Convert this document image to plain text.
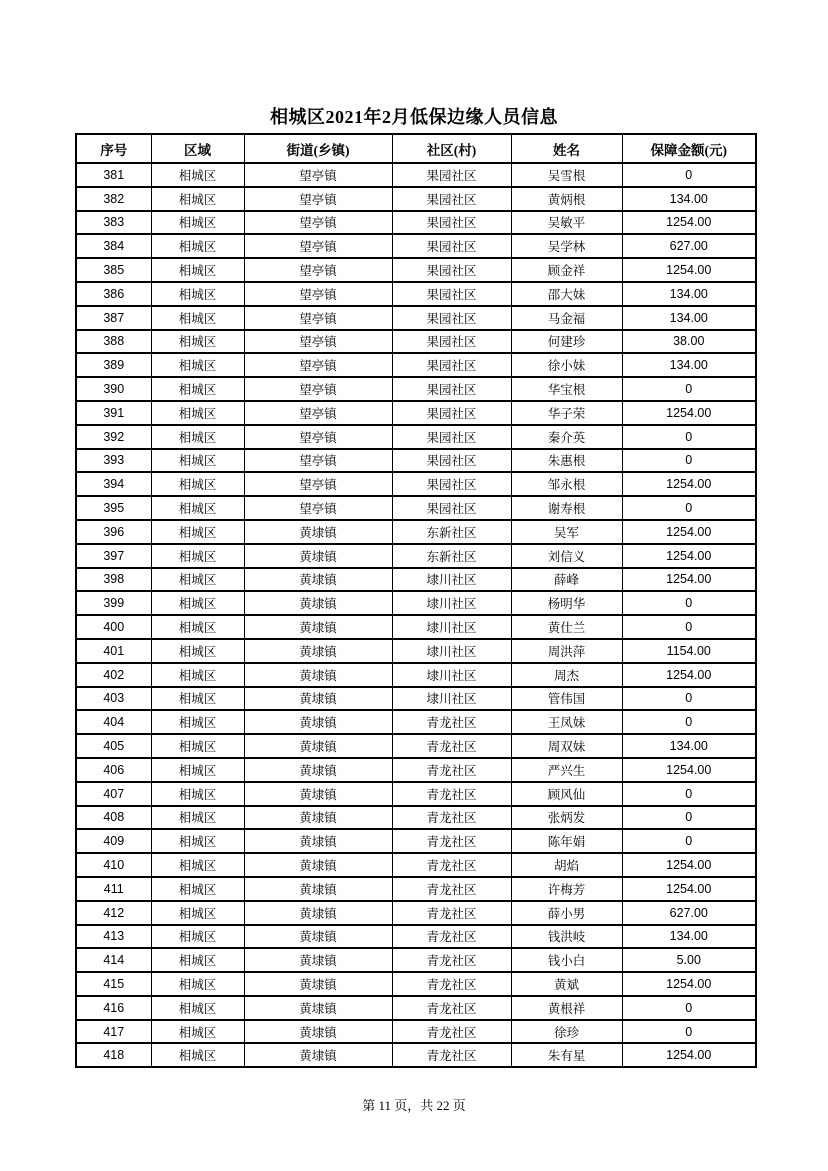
相城区2021年2月低保边缘人员信息
序号	区域	街道(乡镇)	社区(村)	姓名	保障金额(元)
381	相城区	望亭镇	果园社区	吴雪根	0
382	相城区	望亭镇	果园社区	黄炳根	134.00
383	相城区	望亭镇	果园社区	吴敏平	1254.00
384	相城区	望亭镇	果园社区	吴学林	627.00
385	相城区	望亭镇	果园社区	顾金祥	1254.00
386	相城区	望亭镇	果园社区	邵大妹	134.00
387	相城区	望亭镇	果园社区	马金福	134.00
388	相城区	望亭镇	果园社区	何建珍	38.00
389	相城区	望亭镇	果园社区	徐小妹	134.00
390	相城区	望亭镇	果园社区	华宝根	0
391	相城区	望亭镇	果园社区	华子荣	1254.00
392	相城区	望亭镇	果园社区	秦介英	0
393	相城区	望亭镇	果园社区	朱惠根	0
394	相城区	望亭镇	果园社区	邹永根	1254.00
395	相城区	望亭镇	果园社区	谢寿根	0
396	相城区	黄埭镇	东新社区	吴军	1254.00
397	相城区	黄埭镇	东新社区	刘信义	1254.00
398	相城区	黄埭镇	埭川社区	薛峰	1254.00
399	相城区	黄埭镇	埭川社区	杨明华	0
400	相城区	黄埭镇	埭川社区	黄仕兰	0
401	相城区	黄埭镇	埭川社区	周洪萍	1154.00
402	相城区	黄埭镇	埭川社区	周杰	1254.00
403	相城区	黄埭镇	埭川社区	管伟国	0
404	相城区	黄埭镇	青龙社区	王凤妹	0
405	相城区	黄埭镇	青龙社区	周双妹	134.00
406	相城区	黄埭镇	青龙社区	严兴生	1254.00
407	相城区	黄埭镇	青龙社区	顾风仙	0
408	相城区	黄埭镇	青龙社区	张炳发	0
409	相城区	黄埭镇	青龙社区	陈年娟	0
410	相城区	黄埭镇	青龙社区	胡焰	1254.00
411	相城区	黄埭镇	青龙社区	许梅芳	1254.00
412	相城区	黄埭镇	青龙社区	薛小男	627.00
413	相城区	黄埭镇	青龙社区	钱洪岐	134.00
414	相城区	黄埭镇	青龙社区	钱小白	5.00
415	相城区	黄埭镇	青龙社区	黄斌	1254.00
416	相城区	黄埭镇	青龙社区	黄根祥	0
417	相城区	黄埭镇	青龙社区	徐珍	0
418	相城区	黄埭镇	青龙社区	朱有星	1254.00
第 11 页，共 22 页
